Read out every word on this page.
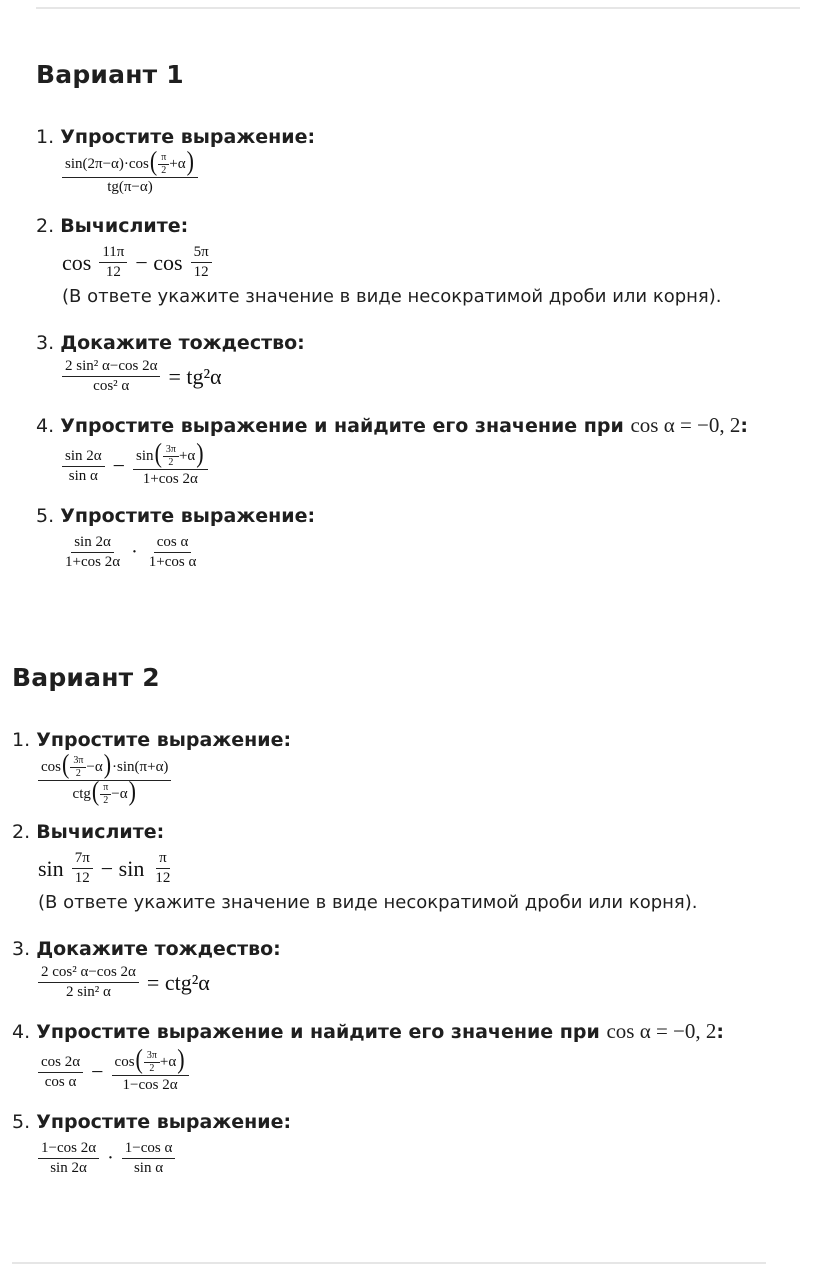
Вариант 1
1. Упростите выражение:
$\frac{\sin(2\pi-\alpha)\cdot\cos( \frac{\pi}{2} +\alpha)}{tg(\pi-\alpha)}$
2. Вычислите:
$\cos \frac{11\pi}{12} - \cos \frac{5\pi}{12}$
(В ответе укажите значение в виде несократимой дроби или корня).
3. Докажите тождество:
$\frac{\text{2 sin² α−cos 2α}}{\text{cos² α}} = tg^2\alpha$
4. Упростите выражение и найдите его значение при cos α = −0, 2:
$\frac{\sin 2\alpha}{\text{sin α}} - \frac{\sin( \frac{3\pi}{2} +\alpha)}{1+\cos 2\alpha}$
5. Упростите выражение:
$\frac{\sin 2\alpha}{1+\cos 2\alpha} \cdot \frac{\text{cos α}}{\text{1+cos α}}$
Вариант 2
1. Упростите выражение:
$\frac{\cos( \frac{3\pi}{2} -\alpha)\cdot\sin(\pi+\alpha)}{ctg( \frac{\pi}{2} -\alpha)}$
2. Вычислите:
$\sin \frac{7\pi}{12} - \sin \frac{\pi}{12}$
(В ответе укажите значение в виде несократимой дроби или корня).
3. Докажите тождество:
$\frac{\text{2 cos² α−cos 2α}}{\text{2 sin² α}} = ctg^2\alpha$
4. Упростите выражение и найдите его значение при cos α = −0, 2:
$\frac{\cos 2\alpha}{\text{cos α}} - \frac{\cos( \frac{3\pi}{2} +\alpha)}{1-\cos 2\alpha}$
5. Упростите выражение:
$\frac{1-\cos 2\alpha}{\sin 2\alpha} \cdot \frac{\text{1−cos α}}{\text{sin α}}$
